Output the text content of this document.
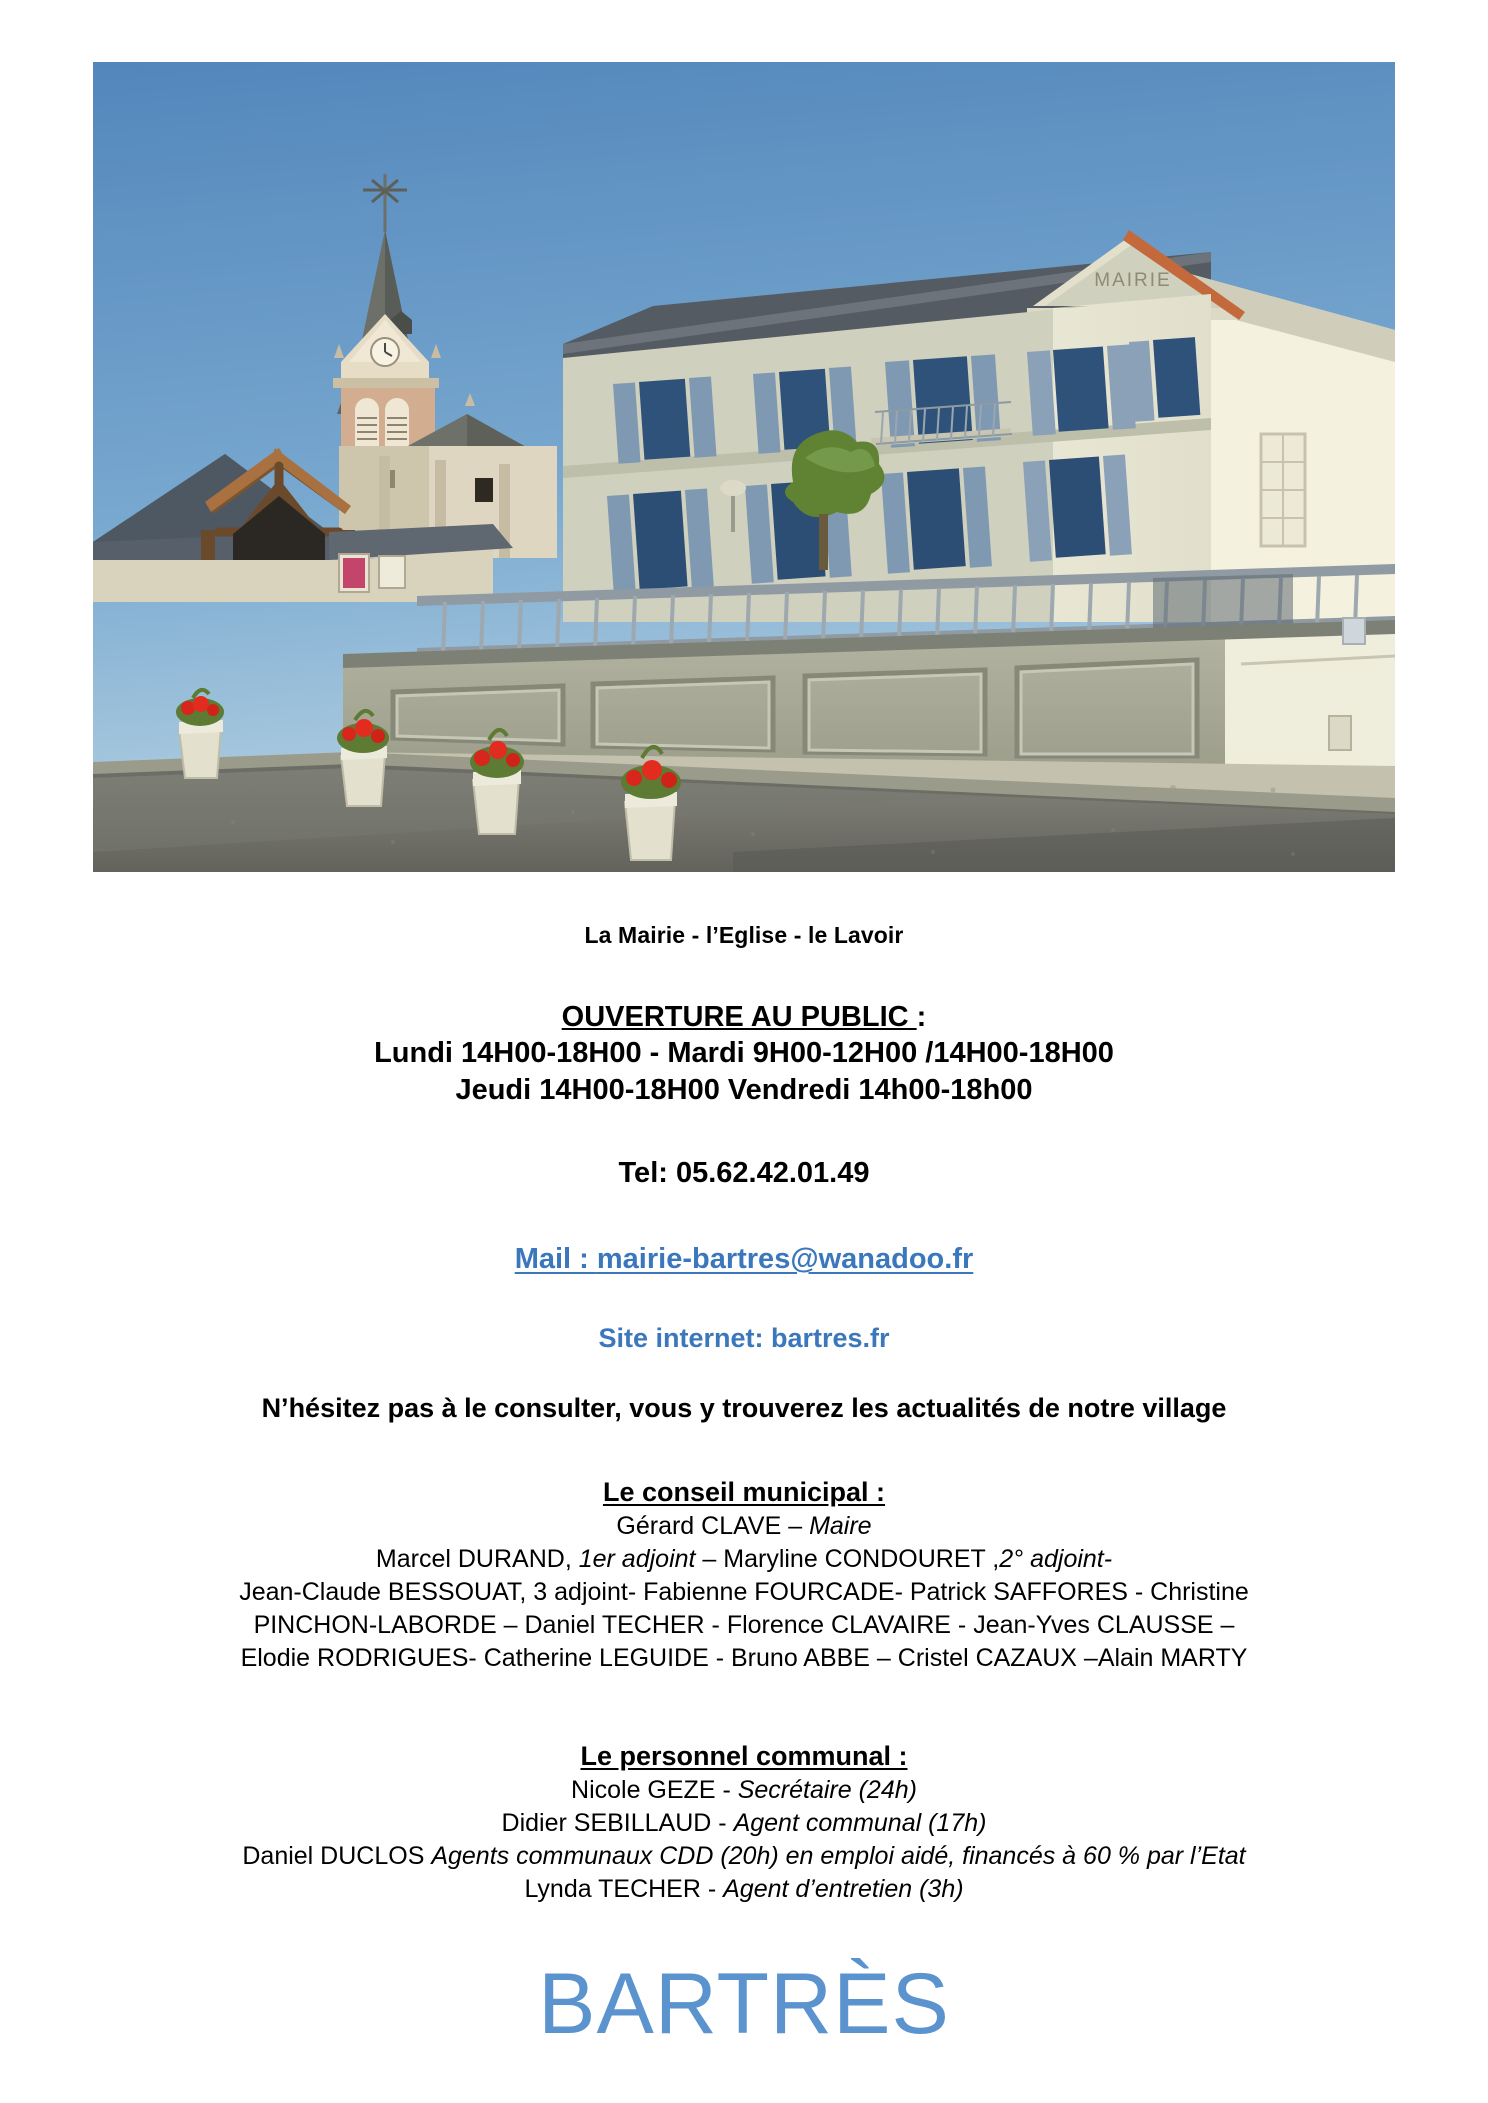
MAIRIE
La Mairie - l’Eglise - le Lavoir
OUVERTURE AU PUBLIC :
Lundi 14H00-18H00 - Mardi 9H00-12H00 /14H00-18H00
Jeudi 14H00-18H00 Vendredi 14h00-18h00
Tel: 05.62.42.01.49
Mail : mairie-bartres@wanadoo.fr
Site internet: bartres.fr
N’hésitez pas à le consulter, vous y trouverez les actualités de notre village
Le conseil municipal :
Gérard CLAVE – Maire
Marcel DURAND, 1er adjoint – Maryline CONDOURET ,2° adjoint-
Jean-Claude BESSOUAT, 3 adjoint- Fabienne FOURCADE- Patrick SAFFORES - Christine
PINCHON-LABORDE – Daniel TECHER - Florence CLAVAIRE - Jean-Yves CLAUSSE –
Elodie RODRIGUES- Catherine LEGUIDE - Bruno ABBE – Cristel CAZAUX –Alain MARTY
Le personnel communal :
Nicole GEZE - Secrétaire (24h)
Didier SEBILLAUD - Agent communal (17h)
Daniel DUCLOS Agents communaux CDD (20h) en emploi aidé, financés à 60 % par l’Etat
Lynda TECHER - Agent d’entretien (3h)
BARTRÈS
